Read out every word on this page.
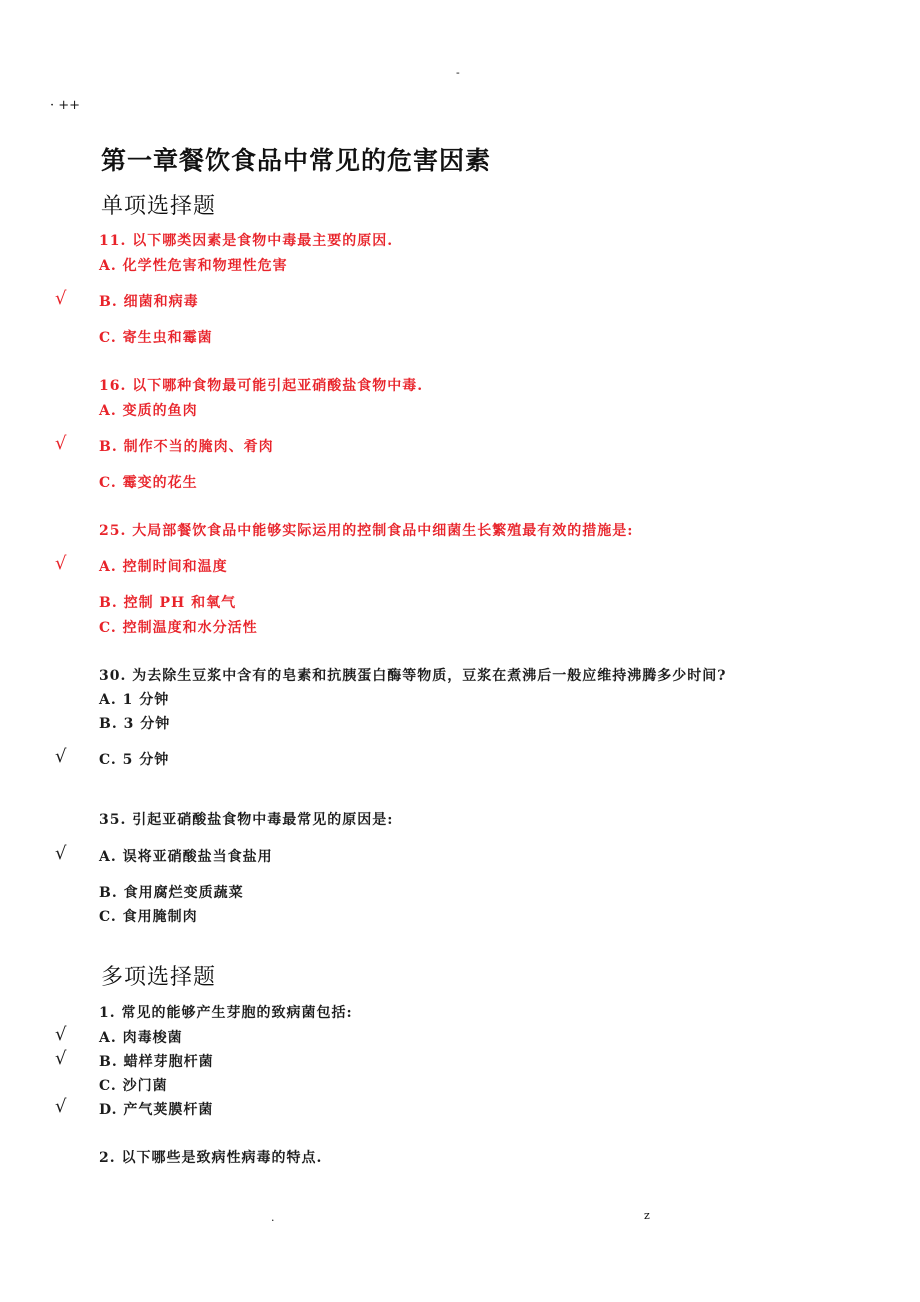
-
· ++
第一章餐饮食品中常见的危害因素
单项选择题
11. 以下哪类因素是食物中毒最主要的原因.
A. 化学性危害和物理性危害
√ B. 细菌和病毒
C. 寄生虫和霉菌
16. 以下哪种食物最可能引起亚硝酸盐食物中毒.
A. 变质的鱼肉
√ B. 制作不当的腌肉、肴肉
C. 霉变的花生
25. 大局部餐饮食品中能够实际运用的控制食品中细菌生长繁殖最有效的措施是:
√ A. 控制时间和温度
B. 控制 PH 和氧气
C. 控制温度和水分活性
30. 为去除生豆浆中含有的皂素和抗胰蛋白酶等物质，豆浆在煮沸后一般应维持沸腾多少时间?
A. 1 分钟
B. 3 分钟
√ C. 5 分钟
35. 引起亚硝酸盐食物中毒最常见的原因是:
√ A. 误将亚硝酸盐当食盐用
B. 食用腐烂变质蔬菜
C. 食用腌制肉
多项选择题
1. 常见的能够产生芽胞的致病菌包括:
√ A. 肉毒梭菌
√ B. 蜡样芽胞杆菌
C. 沙门菌
√ D. 产气荚膜杆菌
2. 以下哪些是致病性病毒的特点.
.	z
